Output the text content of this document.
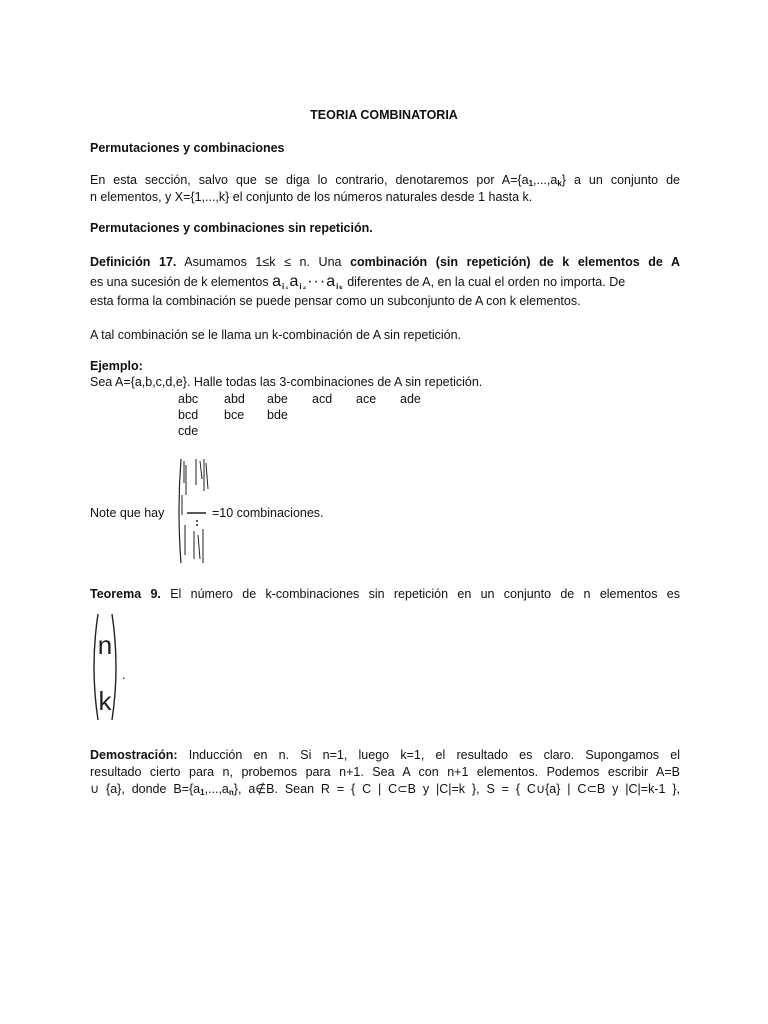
TEORIA COMBINATORIA
Permutaciones y combinaciones
En esta sección, salvo que se diga lo contrario, denotaremos por $A=\{a_1,...,a_k\}$ a un conjunto de
n elementos, y X={1,...,k} el conjunto de los números naturales desde 1 hasta k.
Permutaciones y combinaciones sin repetición.
Definición 17. Asumamos 1≤k ≤ n. Una combinación (sin repetición) de k elementos de A
es una sucesión de k elementos $a_{i_1}a_{i_2}\cdot\cdot\cdot a_{i_k}$ diferentes de A, en la cual el orden no importa. De
esta forma la combinación se puede pensar como un subconjunto de A con k elementos.
A tal combinación se le llama un k-combinación de A sin repetición.
Ejemplo:
Sea A={a,b,c,d,e}. Halle todas las 3-combinaciones de A sin repetición.
abc abd abe acd ace ade
bcd bce bde
cde
Note que hay	=10 combinaciones.
Teorema 9. El número de k-combinaciones sin repetición en un conjunto de n elementos es
n
k
.
Demostración: Inducción en n. Si n=1, luego k=1, el resultado es claro. Supongamos el
resultado cierto para n, probemos para n+1. Sea A con n+1 elementos. Podemos escribir A=B
∪ {a}, donde $B=\{a_1,...,a_n\}$, a∉B. Sean R = { C | C⊂B y |C|=k }, S = { C∪{a} | C⊂B y |C|=k-1 },
